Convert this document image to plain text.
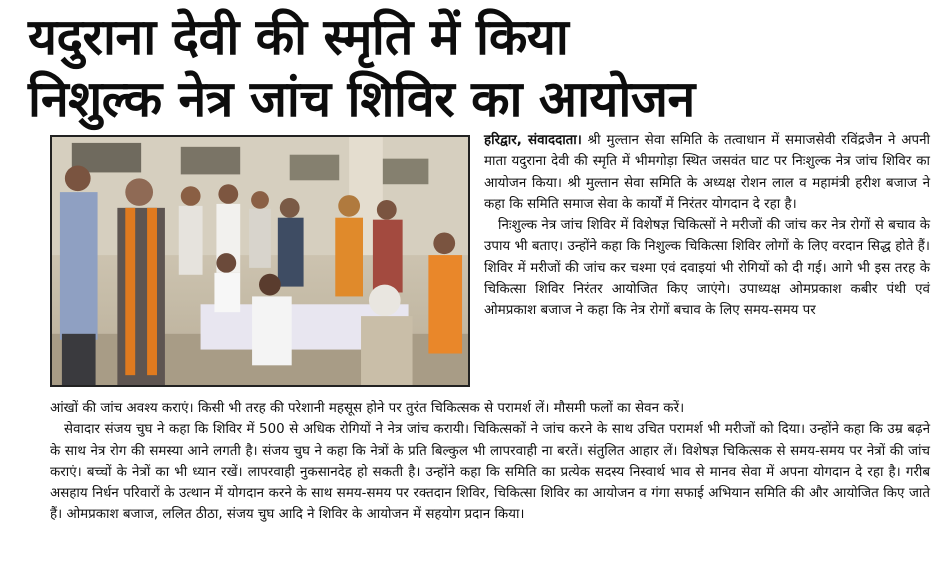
यदुराना देवी की स्मृति में किया
निशुल्क नेत्र जांच शिविर का आयोजन

हरिद्वार, संवाददाता। श्री मुल्तान सेवा समिति के तत्वाधान में समाजसेवी रविंद्रजैन ने अपनी माता यदुराना देवी की स्मृति में भीमगोड़ा स्थित जसवंत घाट पर निःशुल्क नेत्र जांच शिविर का आयोजन किया। श्री मुल्तान सेवा समिति के अध्यक्ष रोशन लाल व महामंत्री हरीश बजाज ने कहा कि समिति समाज सेवा के कार्यों में निरंतर योगदान दे रहा है।

निःशुल्क नेत्र जांच शिविर में विशेषज्ञ चिकित्सों ने मरीजों की जांच कर नेत्र रोगों से बचाव के उपाय भी बताए। उन्होंने कहा कि निशुल्क चिकित्सा शिविर लोगों के लिए वरदान सिद्ध होते हैं। शिविर में मरीजों की जांच कर चश्मा एवं दवाइयां भी रोगियों को दी गई। आगे भी इस तरह के चिकित्सा शिविर निरंतर आयोजित किए जाएंगे। उपाध्यक्ष ओमप्रकाश कबीर पंथी एवं ओमप्रकाश बजाज ने कहा कि नेत्र रोगों बचाव के लिए समय-समय पर

आंखों की जांच अवश्य कराएं। किसी भी तरह की परेशानी महसूस होने पर तुरंत चिकित्सक से परामर्श लें। मौसमी फलों का सेवन करें।

सेवादार संजय चुघ ने कहा कि शिविर में 500 से अधिक रोगियों ने नेत्र जांच करायी। चिकित्सकों ने जांच करने के साथ उचित परामर्श भी मरीजों को दिया। उन्होंने कहा कि उम्र बढ़ने के साथ नेत्र रोग की समस्या आने लगती है। संजय चुघ ने कहा कि नेत्रों के प्रति बिल्कुल भी लापरवाही ना बरतें। संतुलित आहार लें। विशेषज्ञ चिकित्सक से समय-समय पर नेत्रों की जांच कराएं। बच्चों के नेत्रों का भी ध्यान रखें। लापरवाही नुकसानदेह हो सकती है। उन्होंने कहा कि समिति का प्रत्येक सदस्य निस्वार्थ भाव से मानव सेवा में अपना योगदान दे रहा है। गरीब असहाय निर्धन परिवारों के उत्थान में योगदान करने के साथ समय-समय पर रक्तदान शिविर, चिकित्सा शिविर का आयोजन व गंगा सफाई अभियान समिति की और आयोजित किए जाते हैं। ओमप्रकाश बजाज, ललित ठीठा, संजय चुघ आदि ने शिविर के आयोजन में सहयोग प्रदान किया।
